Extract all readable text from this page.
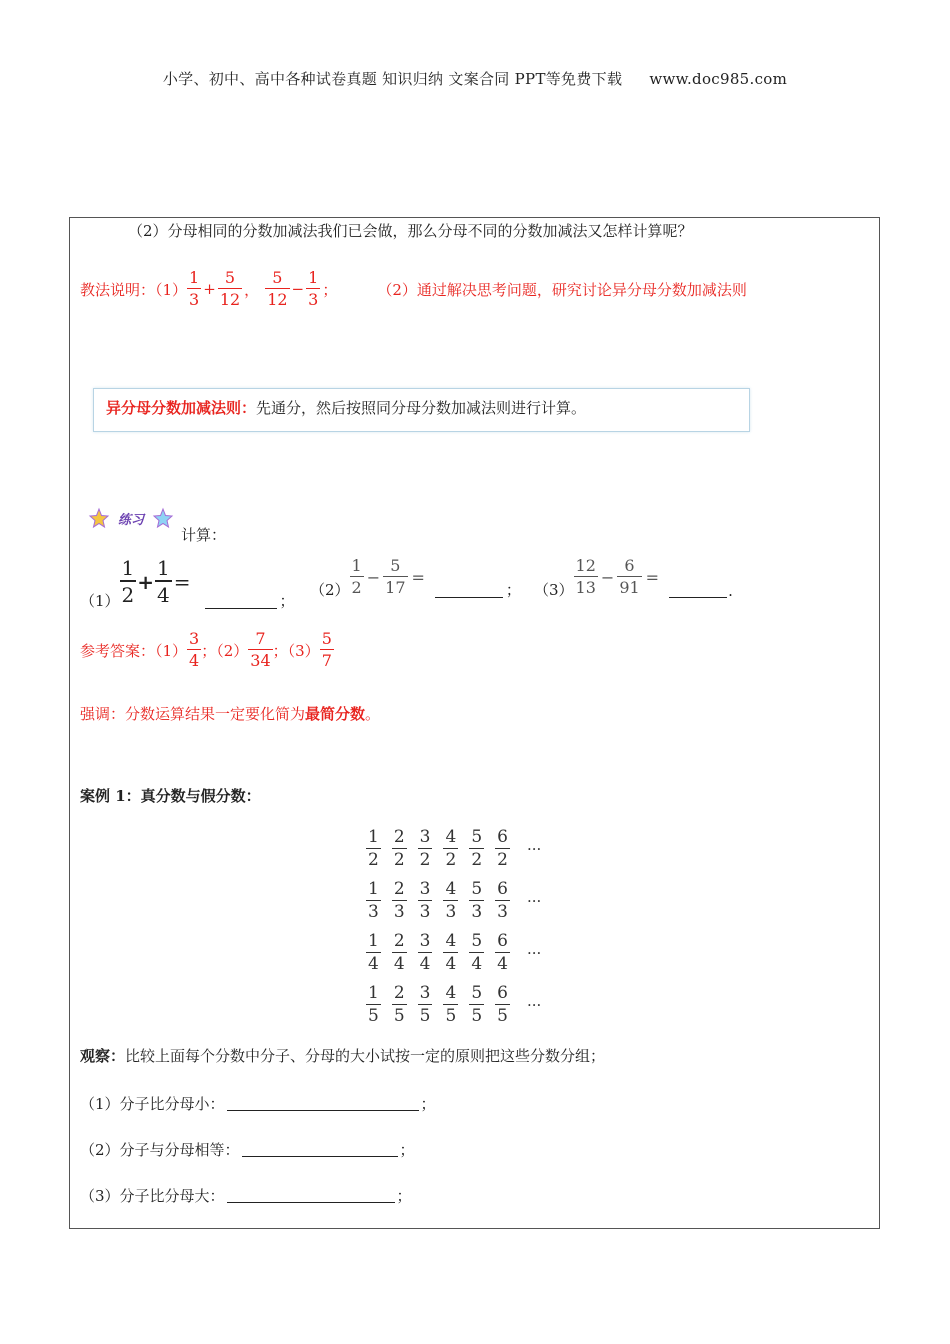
小学、初中、高中各种试卷真题 知识归纳 文案合同 PPT等免费下载 www.doc985.com
（2）分母相同的分数加减法我们已会做，那么分母不同的分数加减法又怎样计算呢？
教法说明：$(1) \frac{1}{3} + \frac{5}{12}$ ， $\frac{5}{12} - \frac{1}{3}$ ；	（2）通过解决思考问题，研究讨论异分母分数加减法则
异分母分数加减法则：先通分，然后按照同分母分数加减法则进行计算。
练习
计算：
$(1) \frac{1}{2} + \frac{1}{4}$ =
；
$(2) \frac{1}{2} - \frac{5}{17}$ =
； $(3) \frac{12}{13} - \frac{6}{91}$ =
.
参考答案：$(1) \frac{3}{4}$ ；$(2) \frac{7}{34}$ ；$(3) \frac{5}{7}$
强调：分数运算结果一定要化简为最简分数。
案例 1：真分数与假分数：
$\frac{1}{2} \frac{2}{2} \frac{3}{2} \frac{4}{2} \frac{5}{2} \frac{6}{2}$ ···
$\frac{1}{3} \frac{2}{3} \frac{3}{3} \frac{4}{3} \frac{5}{3} \frac{6}{3}$ ···
$\frac{1}{4} \frac{2}{4} \frac{3}{4} \frac{4}{4} \frac{5}{4} \frac{6}{4}$ ···
$\frac{1}{5} \frac{2}{5} \frac{3}{5} \frac{4}{5} \frac{5}{5} \frac{6}{5}$ ···
观察：比较上面每个分数中分子、分母的大小试按一定的原则把这些分数分组；
（1）分子比分母小：	；
（2）分子与分母相等：	；
（3）分子比分母大：	；
